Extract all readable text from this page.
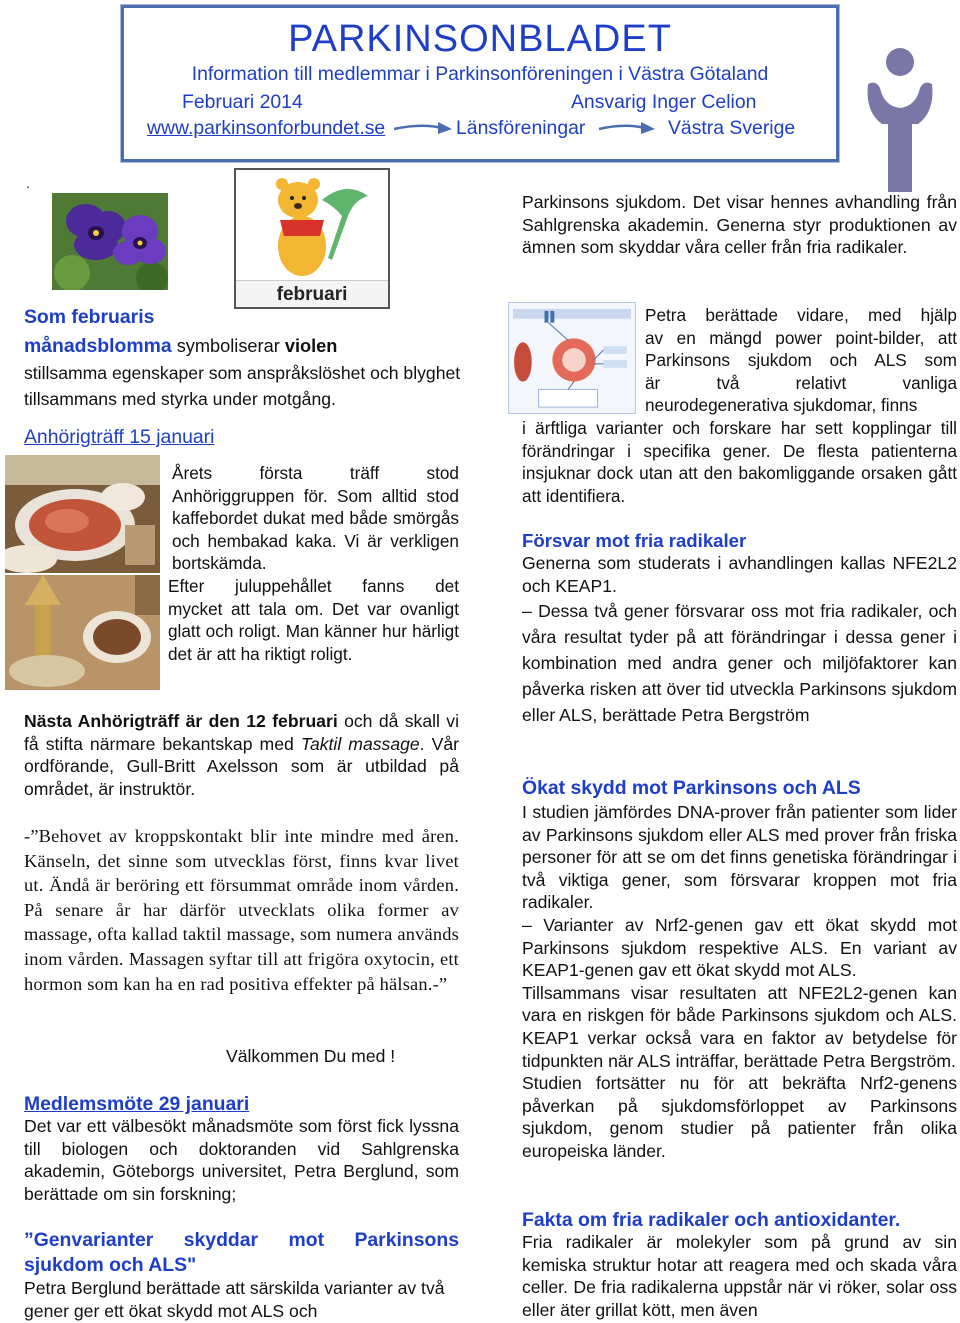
PARKINSONBLADET
Information till medlemmar i Parkinsonföreningen i Västra Götaland
Februari 2014	Ansvarig Inger Celion
www.parkinsonforbundet.se	Länsföreningar	Västra Sverige
.
februari
Som februaris
månadsblomma symboliserar violen
stillsamma egenskaper som anspråkslöshet och blyghet tillsammans med styrka under motgång.
Anhörigträff 15 januari

Årets första träff stod

Anhöriggruppen för. Som alltid stod kaffebordet dukat med både smörgås och hembakad kaka. Vi är verkligen bortskämda.

Efter juluppehållet fanns det

mycket att tala om. Det var ovanligt glatt och roligt. Man känner hur härligt det är att ha riktigt roligt.

Nästa Anhörigträff är den 12 februari och då skall vi få stifta närmare bekantskap med Taktil massage. Vår ordförande, Gull-Britt Axelsson som är utbildad på området, är instruktör.
-”Behovet av kroppskontakt blir inte mindre med åren. Känseln, det sinne som utvecklas först, finns kvar livet ut. Ändå är beröring ett försummat område inom vården. På senare år har därför utvecklats olika former av massage, ofta kallad taktil massage, som numera används inom vården. Massagen syftar till att frigöra oxytocin, ett hormon som kan ha en rad positiva effekter på hälsan.-”
Välkommen Du med !
Medlemsmöte 29 januari
Det var ett välbesökt månadsmöte som först fick lyssna till biologen och doktoranden vid Sahlgrenska akademin, Göteborgs universitet, Petra Berglund, som berättade om sin forskning;

”Genvarianter skyddar mot Parkinsons

sjukdom och ALS"

Petra Berglund berättade att särskilda varianter av två gener ger ett ökat skydd mot ALS och
Parkinsons sjukdom. Det visar hennes avhandling från Sahlgrenska akademin. Generna styr produktionen av ämnen som skyddar våra celler från fria radikaler.

Petra berättade vidare, med hjälp

av en mängd power point-bilder, att

Parkinsons sjukdom och ALS som

är två relativt vanliga

neurodegenerativa sjukdomar, finns

i ärftliga varianter och forskare har sett kopplingar till förändringar i specifika gener. De flesta patienterna insjuknar dock utan att den bakomliggande orsaken gått att identifiera.
Försvar mot fria radikaler
Generna som studerats i avhandlingen kallas NFE2L2 och KEAP1.
– Dessa två gener försvarar oss mot fria radikaler, och våra resultat tyder på att förändringar i dessa gener i kombination med andra gener och miljöfaktorer kan påverka risken att över tid utveckla Parkinsons sjukdom eller ALS, berättade Petra Bergström
Ökat skydd mot Parkinsons och ALS

I studien jämfördes DNA-prover från patienter som lider av Parkinsons sjukdom eller ALS med prover från friska personer för att se om det finns genetiska förändringar i två viktiga gener, som försvarar kroppen mot fria radikaler.

– Varianter av Nrf2-genen gav ett ökat skydd mot Parkinsons sjukdom respektive ALS. En variant av KEAP1-genen gav ett ökat skydd mot ALS.

Tillsammans visar resultaten att NFE2L2-genen kan vara en riskgen för både Parkinsons sjukdom och ALS. KEAP1 verkar också vara en faktor av betydelse för tidpunkten när ALS inträffar, berättade Petra Bergström.

Studien fortsätter nu för att bekräfta Nrf2-genens påverkan på sjukdomsförloppet av Parkinsons sjukdom, genom studier på patienter från olika europeiska länder.

Fakta om fria radikaler och antioxidanter.
Fria radikaler är molekyler som på grund av sin kemiska struktur hotar att reagera med och skada våra celler. De fria radikalerna uppstår när vi röker, solar oss eller äter grillat kött, men även
